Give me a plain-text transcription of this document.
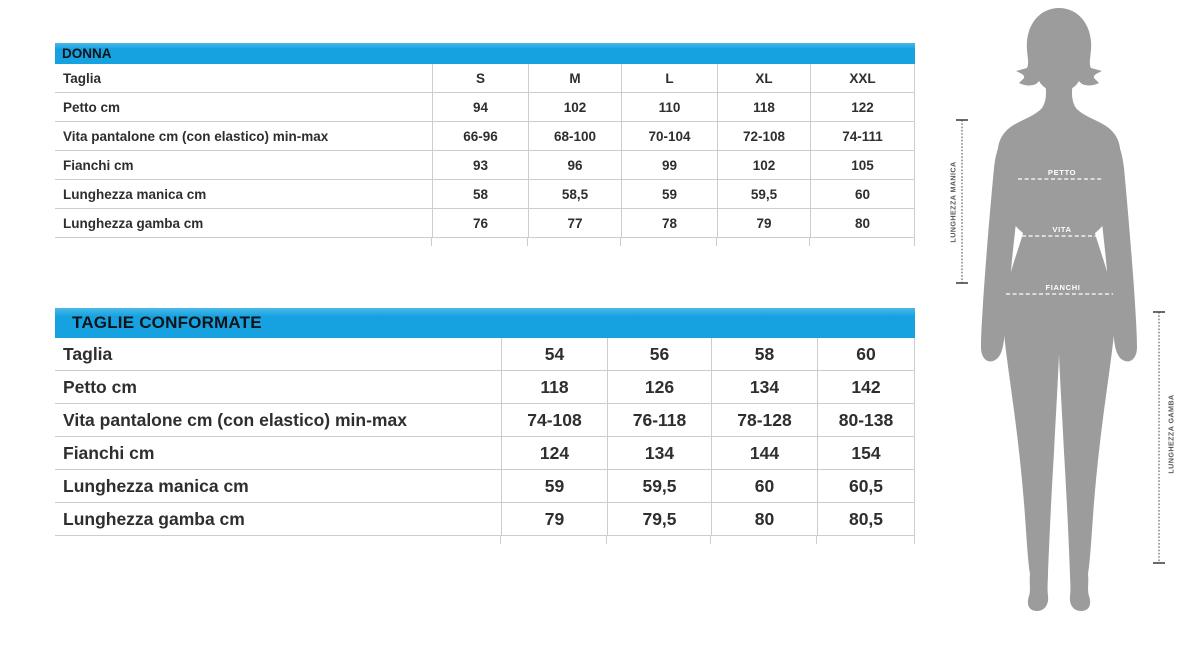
DONNA
Taglia	S	M	L	XL	XXL
Petto cm	94	102	110	118	122
Vita pantalone cm (con elastico) min-max	66-96	68-100	70-104	72-108	74-111
Fianchi cm	93	96	99	102	105
Lunghezza manica cm	58	58,5	59	59,5	60
Lunghezza gamba cm	76	77	78	79	80
TAGLIE CONFORMATE
Taglia	54	56	58	60
Petto cm	118	126	134	142
Vita pantalone cm (con elastico) min-max	74-108	76-118	78-128	80-138
Fianchi cm	124	134	144	154
Lunghezza manica cm	59	59,5	60	60,5
Lunghezza gamba cm	79	79,5	80	80,5
PETTO
VITA
FIANCHI
LUNGHEZZA MANICA
LUNGHEZZA GAMBA
